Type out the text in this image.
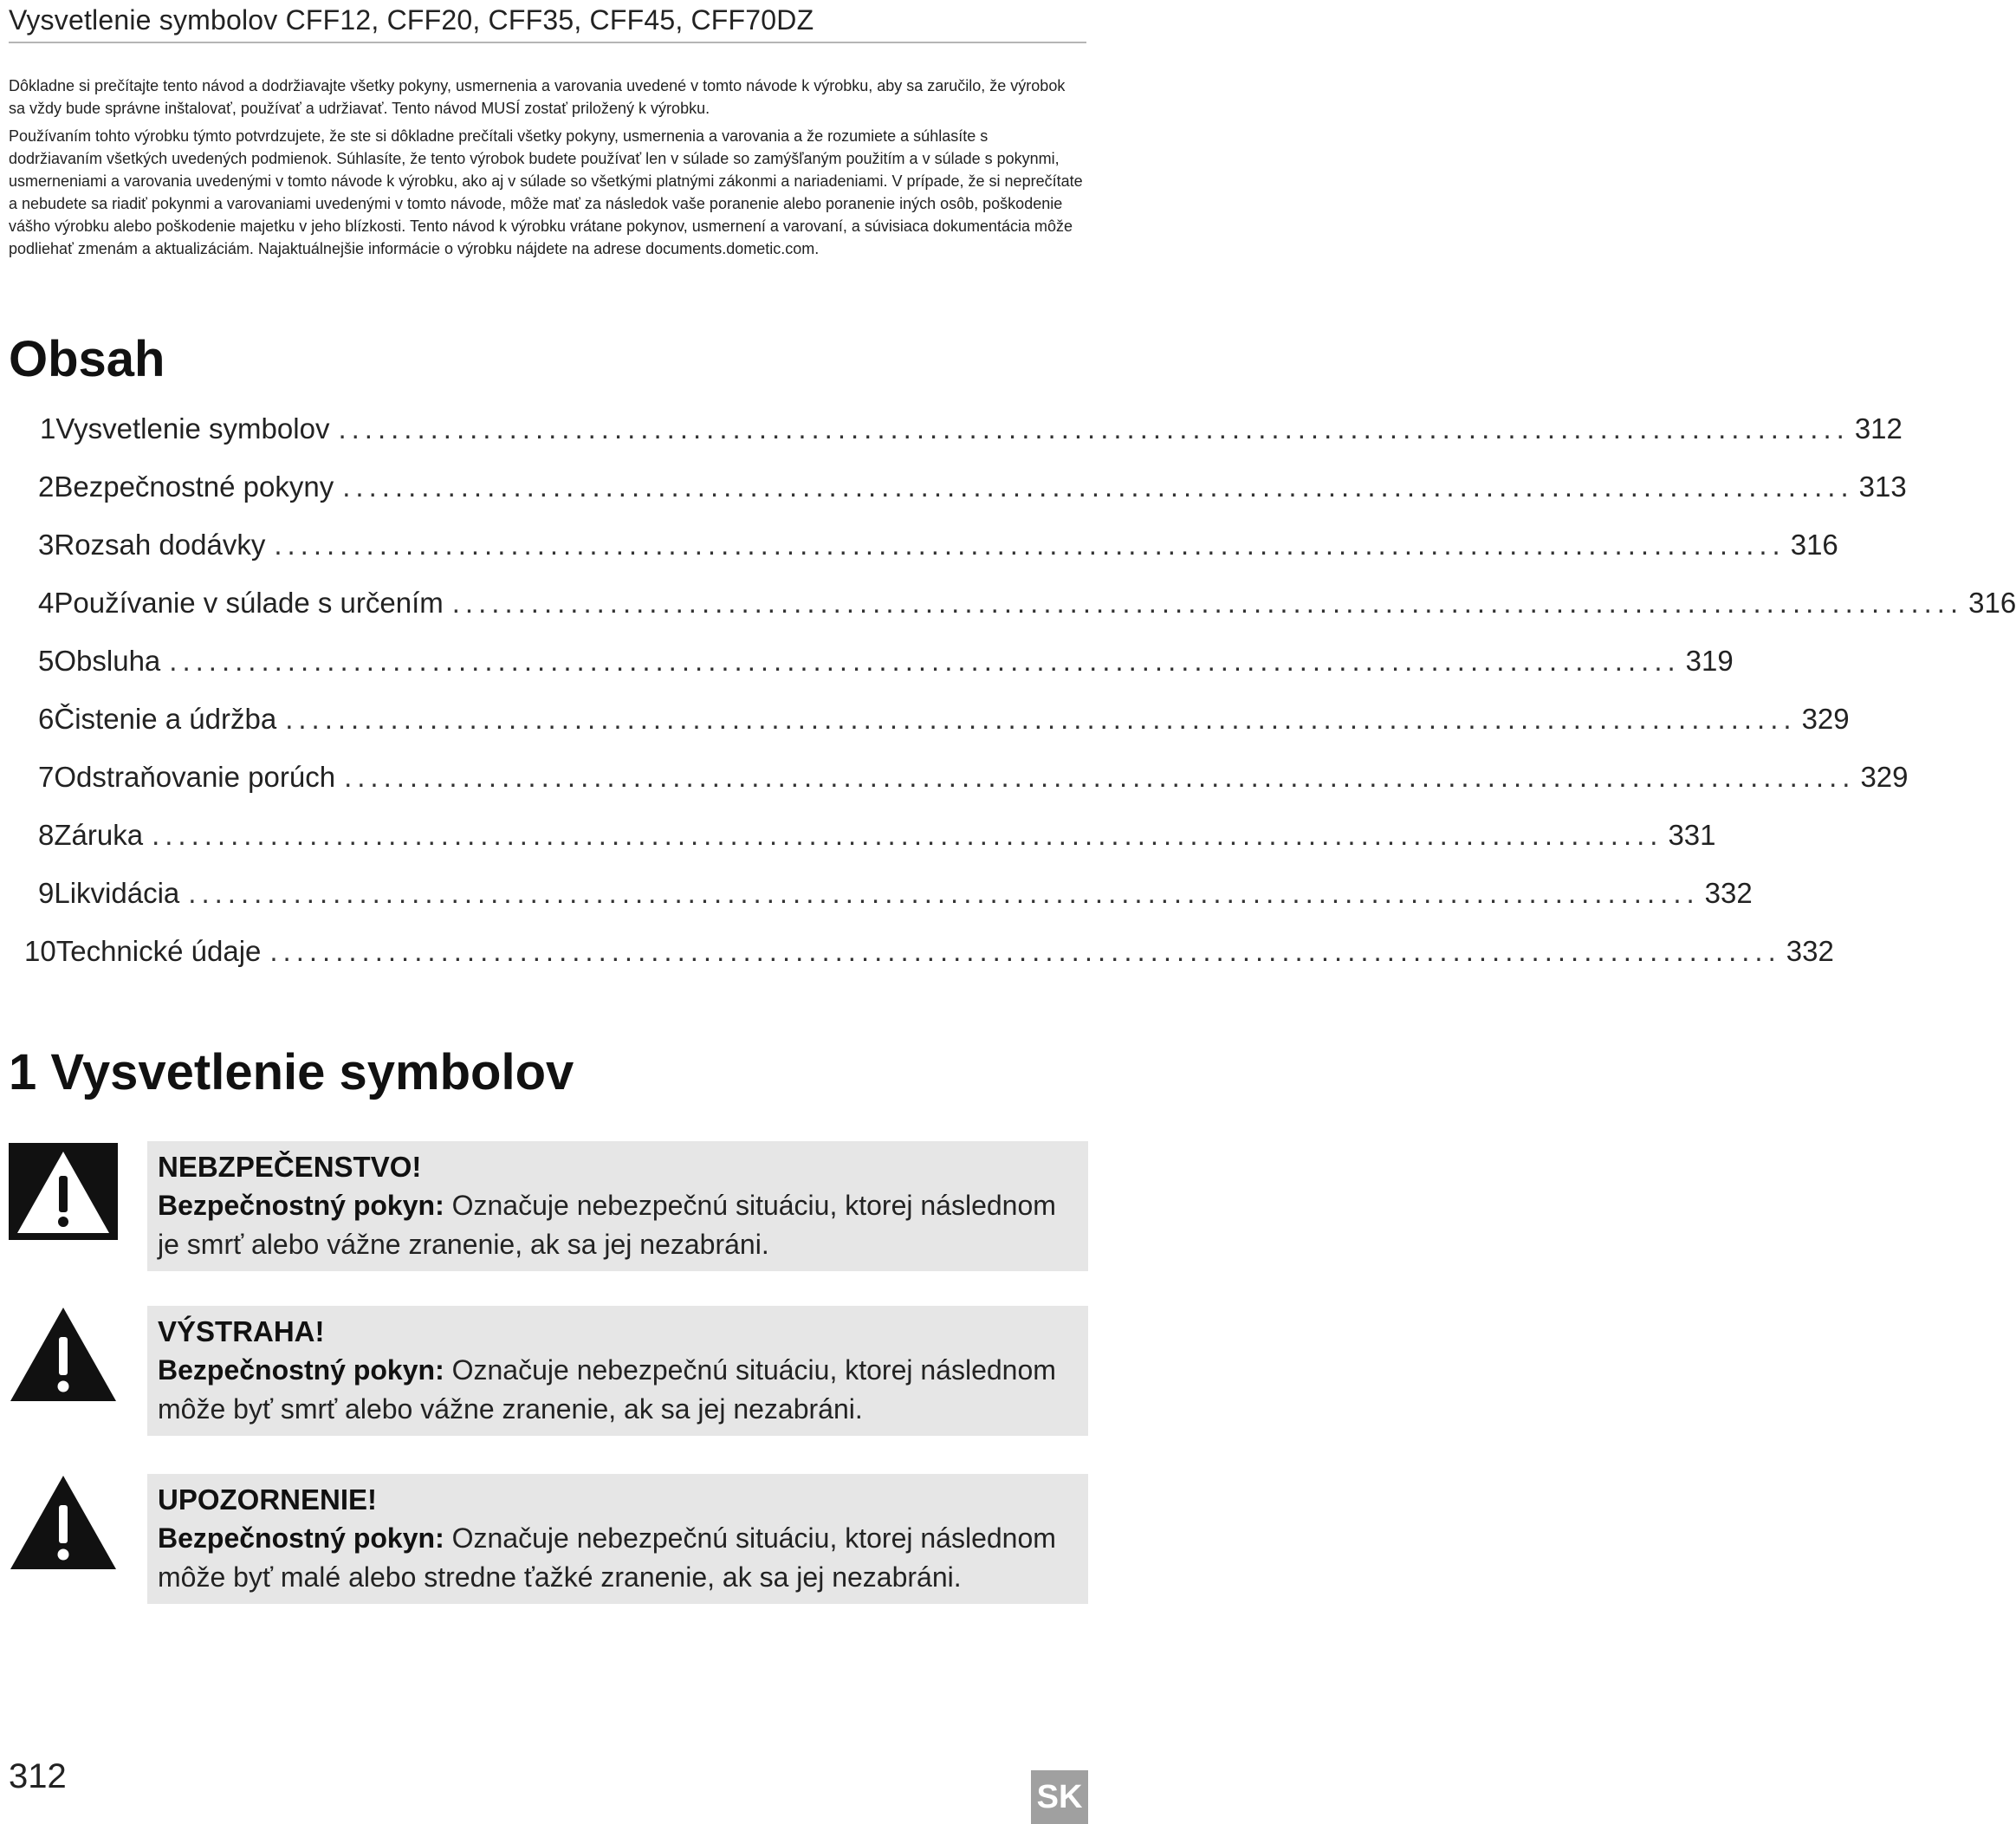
Vysvetlenie symbolov CFF12, CFF20, CFF35, CFF45, CFF70DZ

Dôkladne si prečítajte tento návod a dodržiavajte všetky pokyny, usmernenia a varovania uvedené v tomto návode k výrobku, aby sa zaručilo, že výrobok sa vždy bude správne inštalovať, používať a udržiavať. Tento návod MUSÍ zostať priložený k výrobku.

Používaním tohto výrobku týmto potvrdzujete, že ste si dôkladne prečítali všetky pokyny, usmernenia a varovania a že rozumiete a súhlasíte s dodržiavaním všetkých uvedených podmienok. Súhlasíte, že tento výrobok budete používať len v súlade so zamýšľaným použitím a v súlade s pokynmi, usmerneniami a varovania uvedenými v tomto návode k výrobku, ako aj v súlade so všetkými platnými zákonmi a nariadeniami. V prípade, že si neprečítate a nebudete sa riadiť pokynmi a varovaniami uvedenými v tomto návode, môže mať za následok vaše poranenie alebo poranenie iných osôb, poškodenie vášho výrobku alebo poškodenie majetku v jeho blízkosti. Tento návod k výrobku vrátane pokynov, usmernení a varovaní, a súvisiaca dokumentácia môže podliehať zmenám a aktualizáciám. Najaktuálnejšie informácie o výrobku nájdete na adrese documents.dometic.com.

Obsah
1 Vysvetlenie symbolov ................................................................................................................... 312
2 Bezpečnostné pokyny ................................................................................................................... 313
3 Rozsah dodávky ................................................................................................................... 316
4 Používanie v súlade s určením ................................................................................................................... 316
5 Obsluha ................................................................................................................... 319
6 Čistenie a údržba ................................................................................................................... 329
7 Odstraňovanie porúch ................................................................................................................... 329
8 Záruka ................................................................................................................... 331
9 Likvidácia ................................................................................................................... 332
10 Technické údaje ................................................................................................................... 332
1 Vysvetlenie symbolov
NEBZPEČENSTVO!
Bezpečnostný pokyn: Označuje nebezpečnú situáciu, ktorej následnom je smrť alebo vážne zranenie, ak sa jej nezabráni.
VÝSTRAHA!
Bezpečnostný pokyn: Označuje nebezpečnú situáciu, ktorej následnom môže byť smrť alebo vážne zranenie, ak sa jej nezabráni.
UPOZORNENIE!
Bezpečnostný pokyn: Označuje nebezpečnú situáciu, ktorej následnom môže byť malé alebo stredne ťažké zranenie, ak sa jej nezabráni.
312
SK
